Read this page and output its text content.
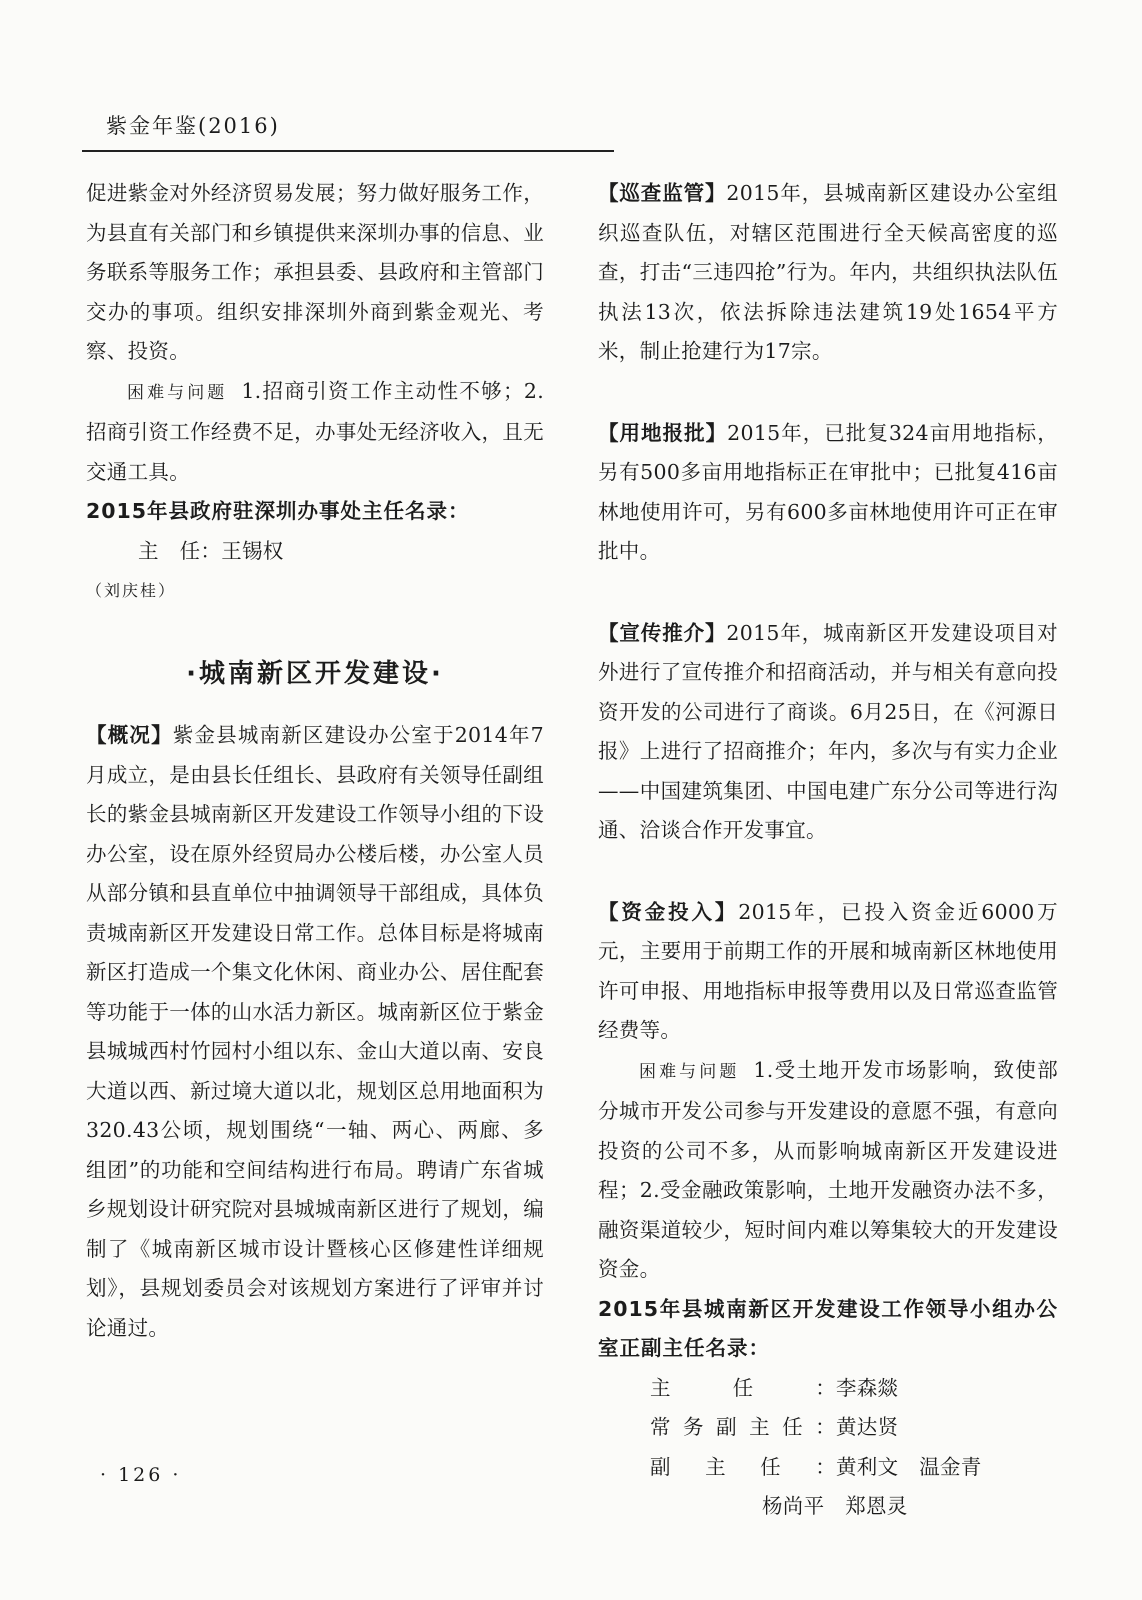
紫金年鉴(2016)

促进紫金对外经济贸易发展；努力做好服务工作，为县直有关部门和乡镇提供来深圳办事的信息、业务联系等服务工作；承担县委、县政府和主管部门交办的事项。组织安排深圳外商到紫金观光、考察、投资。

困难与问题 1.招商引资工作主动性不够；2.招商引资工作经费不足，办事处无经济收入，且无交通工具。

2015年县政府驻深圳办事处主任名录：

主　任：王锡权

（刘庆桂）

·城南新区开发建设·

【概况】紫金县城南新区建设办公室于2014年7月成立，是由县长任组长、县政府有关领导任副组长的紫金县城南新区开发建设工作领导小组的下设办公室，设在原外经贸局办公楼后楼，办公室人员从部分镇和县直单位中抽调领导干部组成，具体负责城南新区开发建设日常工作。总体目标是将城南新区打造成一个集文化休闲、商业办公、居住配套等功能于一体的山水活力新区。城南新区位于紫金县城城西村竹园村小组以东、金山大道以南、安良大道以西、新过境大道以北，规划区总用地面积为320.43公顷，规划围绕“一轴、两心、两廊、多组团”的功能和空间结构进行布局。聘请广东省城乡规划设计研究院对县城城南新区进行了规划，编制了《城南新区城市设计暨核心区修建性详细规划》，县规划委员会对该规划方案进行了评审并讨论通过。

【巡查监管】2015年，县城南新区建设办公室组织巡查队伍，对辖区范围进行全天候高密度的巡查，打击“三违四抢”行为。年内，共组织执法队伍执法13次，依法拆除违法建筑19处1654平方米，制止抢建行为17宗。

【用地报批】2015年，已批复324亩用地指标，另有500多亩用地指标正在审批中；已批复416亩林地使用许可，另有600多亩林地使用许可正在审批中。

【宣传推介】2015年，城南新区开发建设项目对外进行了宣传推介和招商活动，并与相关有意向投资开发的公司进行了商谈。6月25日，在《河源日报》上进行了招商推介；年内，多次与有实力企业——中国建筑集团、中国电建广东分公司等进行沟通、洽谈合作开发事宜。

【资金投入】2015年，已投入资金近6000万元，主要用于前期工作的开展和城南新区林地使用许可申报、用地指标申报等费用以及日常巡查监管经费等。

困难与问题 1.受土地开发市场影响，致使部分城市开发公司参与开发建设的意愿不强，有意向投资的公司不多，从而影响城南新区开发建设进程；2.受金融政策影响，土地开发融资办法不多，融资渠道较少，短时间内难以筹集较大的开发建设资金。

2015年县城南新区开发建设工作领导小组办公室正副主任名录：

主任： 李森燚
常务副主任： 黄达贤
副主任： 黄利文　温金青
杨尚平　郑恩灵
· 126 ·
